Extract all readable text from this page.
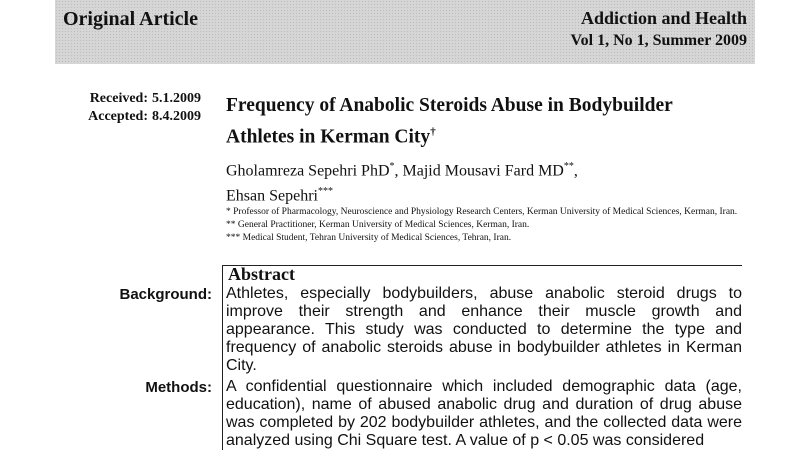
Original Article	Addiction and Health
Vol 1, No 1, Summer 2009
Received: 5.1.2009
Accepted: 8.4.2009
Frequency of Anabolic Steroids Abuse in Bodybuilder
Athletes in Kerman City†
Gholamreza Sepehri PhD*, Majid Mousavi Fard MD**,
Ehsan Sepehri***
* Professor of Pharmacology, Neuroscience and Physiology Research Centers, Kerman University of Medical Sciences, Kerman, Iran.
** General Practitioner, Kerman University of Medical Sciences, Kerman, Iran.
*** Medical Student, Tehran University of Medical Sciences, Tehran, Iran.
Abstract
Background: Athletes, especially bodybuilders, abuse anabolic steroid drugs to improve their strength and enhance their muscle growth and appearance. This study was conducted to determine the type and frequency of anabolic steroids abuse in bodybuilder athletes in Kerman City.
Methods: A confidential questionnaire which included demographic data (age, education), name of abused anabolic drug and duration of drug abuse was completed by 202 bodybuilder athletes, and the collected data were analyzed using Chi Square test. A value of p < 0.05 was considered
